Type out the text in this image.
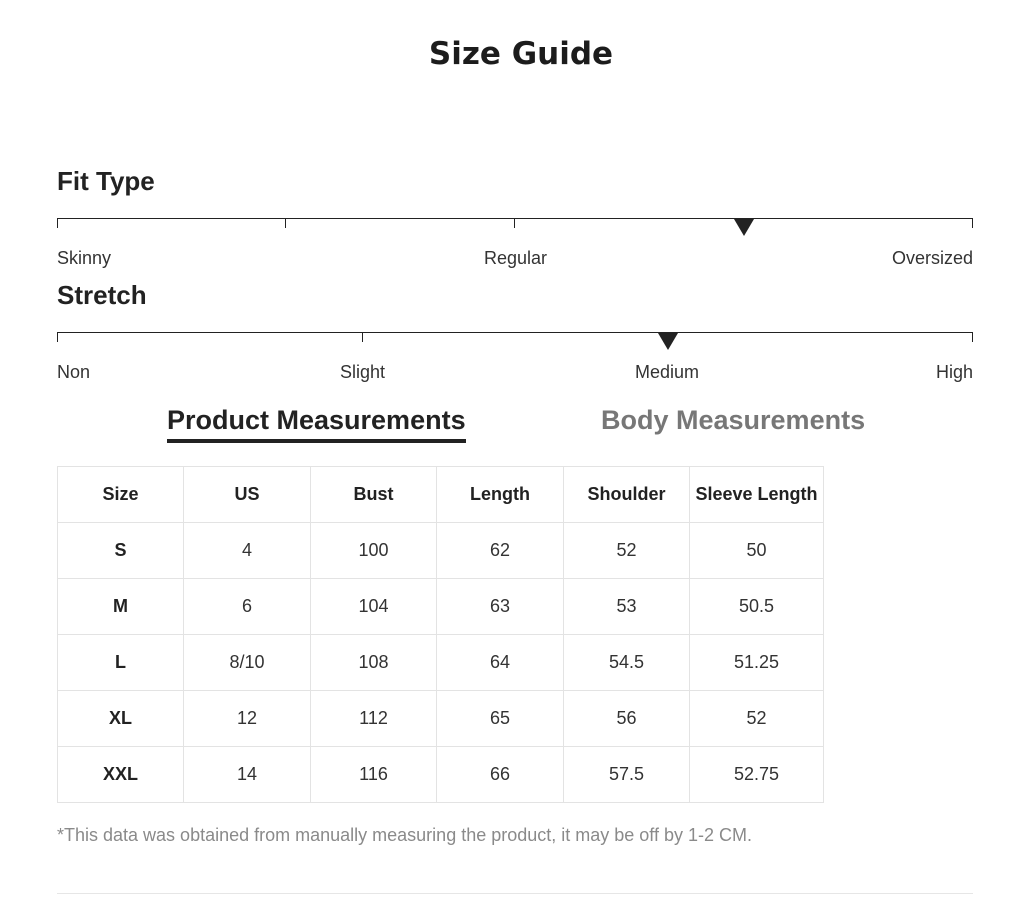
Size Guide
Fit Type
Skinny	Regular	Oversized
Stretch
Non	Slight	Medium	High
Product Measurements	Body Measurements
Size	US	Bust	Length	Shoulder	Sleeve Length
S	4	100	62	52	50
M	6	104	63	53	50.5
L	8/10	108	64	54.5	51.25
XL	12	112	65	56	52
XXL	14	116	66	57.5	52.75
*This data was obtained from manually measuring the product, it may be off by 1-2 CM.
